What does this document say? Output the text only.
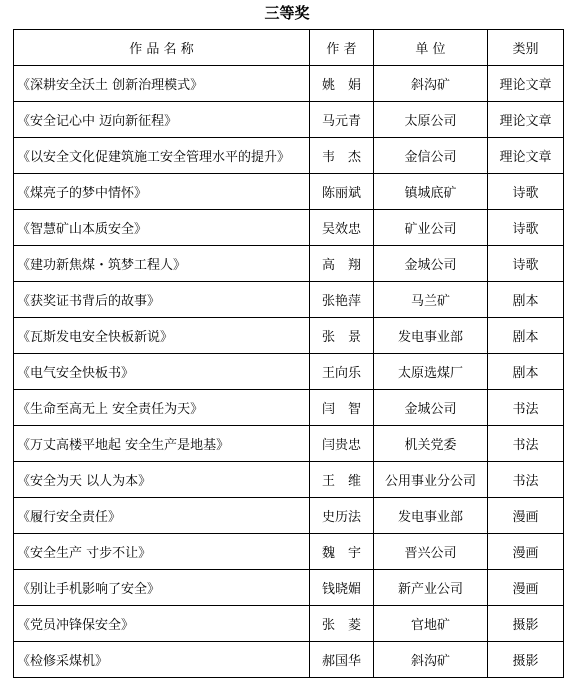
三等奖
作 品 名 称	作 者	单 位	类别
《深耕安全沃土 创新治理模式》	姚　娟	斜沟矿	理论文章
《安全记心中 迈向新征程》	马元青	太原公司	理论文章
《以安全文化促建筑施工安全管理水平的提升》	韦　杰	金信公司	理论文章
《煤亮子的梦中情怀》	陈丽斌	镇城底矿	诗歌
《智慧矿山本质安全》	吴效忠	矿业公司	诗歌
《建功新焦煤・筑梦工程人》	高　翔	金城公司	诗歌
《获奖证书背后的故事》	张艳萍	马兰矿	剧本
《瓦斯发电安全快板新说》	张　景	发电事业部	剧本
《电气安全快板书》	王向乐	太原选煤厂	剧本
《生命至高无上 安全责任为天》	闫　智	金城公司	书法
《万丈高楼平地起 安全生产是地基》	闫贵忠	机关党委	书法
《安全为天 以人为本》	王　维	公用事业分公司	书法
《履行安全责任》	史历法	发电事业部	漫画
《安全生产 寸步不让》	魏　宇	晋兴公司	漫画
《别让手机影响了安全》	钱晓媚	新产业公司	漫画
《党员冲锋保安全》	张　菱	官地矿	摄影
《检修采煤机》	郝国华	斜沟矿	摄影
